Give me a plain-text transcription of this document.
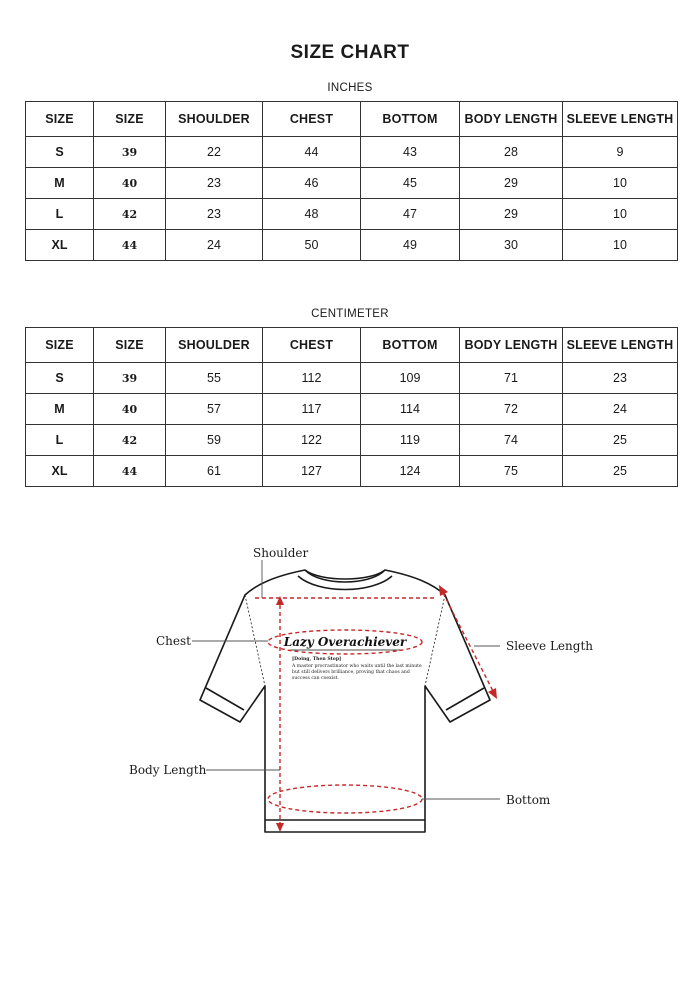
SIZE CHART
INCHES
SIZE	SIZE	SHOULDER	CHEST	BOTTOM	BODY LENGTH	SLEEVE LENGTH
S	39	22	44	43	28	9
M	40	23	46	45	29	10
L	42	23	48	47	29	10
XL	44	24	50	49	30	10
CENTIMETER
SIZE	SIZE	SHOULDER	CHEST	BOTTOM	BODY LENGTH	SLEEVE LENGTH
S	39	55	112	109	71	23
M	40	57	117	114	72	24
L	42	59	122	119	74	25
XL	44	61	127	124	75	25
Lazy Overachiever
[Doing, Then Stop]
A master procrastinator who waits until the last minute
but still delivers brilliance, proving that chaos and
success can coexist.
Shoulder
Chest	Sleeve Length
Body Length
Bottom
